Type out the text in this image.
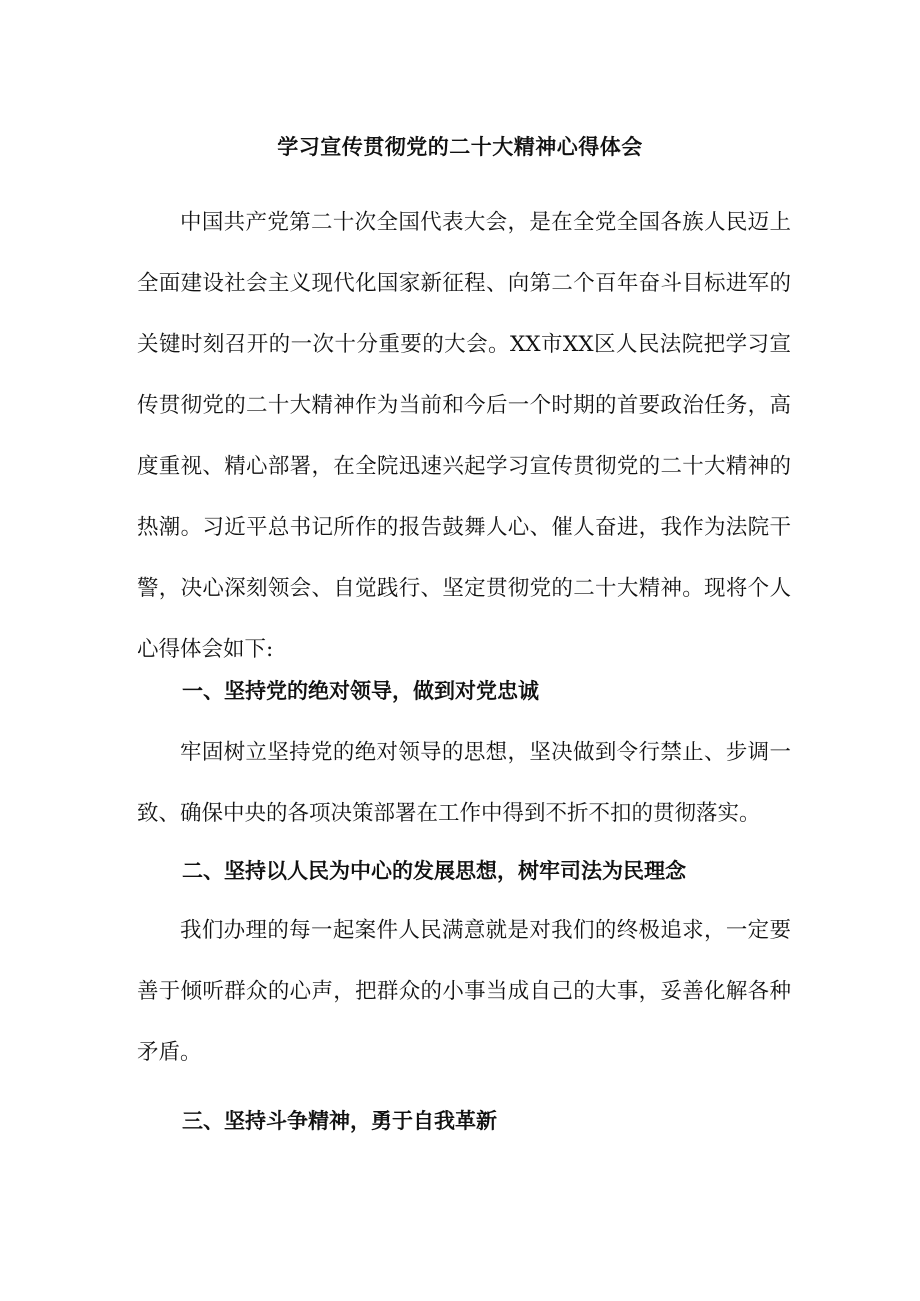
学习宣传贯彻党的二十大精神心得体会

中国共产党第二十次全国代表大会，是在全党全国各族人民迈上全面建设社会主义现代化国家新征程、向第二个百年奋斗目标进军的关键时刻召开的一次十分重要的大会。XX市XX区人民法院把学习宣传贯彻党的二十大精神作为当前和今后一个时期的首要政治任务，高度重视、精心部署，在全院迅速兴起学习宣传贯彻党的二十大精神的热潮。习近平总书记所作的报告鼓舞人心、催人奋进，我作为法院干警，决心深刻领会、自觉践行、坚定贯彻党的二十大精神。现将个人心得体会如下:

一、坚持党的绝对领导，做到对党忠诚

牢固树立坚持党的绝对领导的思想，坚决做到令行禁止、步调一致、确保中央的各项决策部署在工作中得到不折不扣的贯彻落实。

二、坚持以人民为中心的发展思想，树牢司法为民理念

我们办理的每一起案件人民满意就是对我们的终极追求，一定要善于倾听群众的心声，把群众的小事当成自己的大事，妥善化解各种矛盾。

三、坚持斗争精神，勇于自我革新
